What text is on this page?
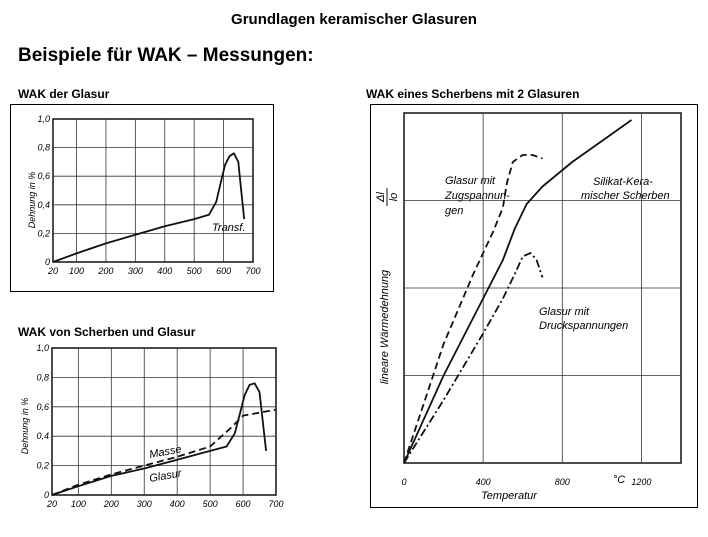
Grundlagen keramischer Glasuren
Beispiele für WAK – Messungen:
WAK der Glasur
WAK von Scherben und Glasur
WAK eines Scherbens mit 2 Glasuren
Dehnung in %	Transf.
20 100 200 300 400 500 600 700
0
0,2
0,4
0,6
0,8
1,0
Dehnung in %	Masse
Glasur
20 100 200 300 400 500 600 700
0
0,2
0,4
0,6
0,8
1,0	lineare Wärmedehnung
Δl lo
Temperatur
°C
Glasur mit
Zugspannun-
gen
Silikat-Kera-
mischer Scherben
Glasur mit
Druckspannungen
0	400	800	1200
